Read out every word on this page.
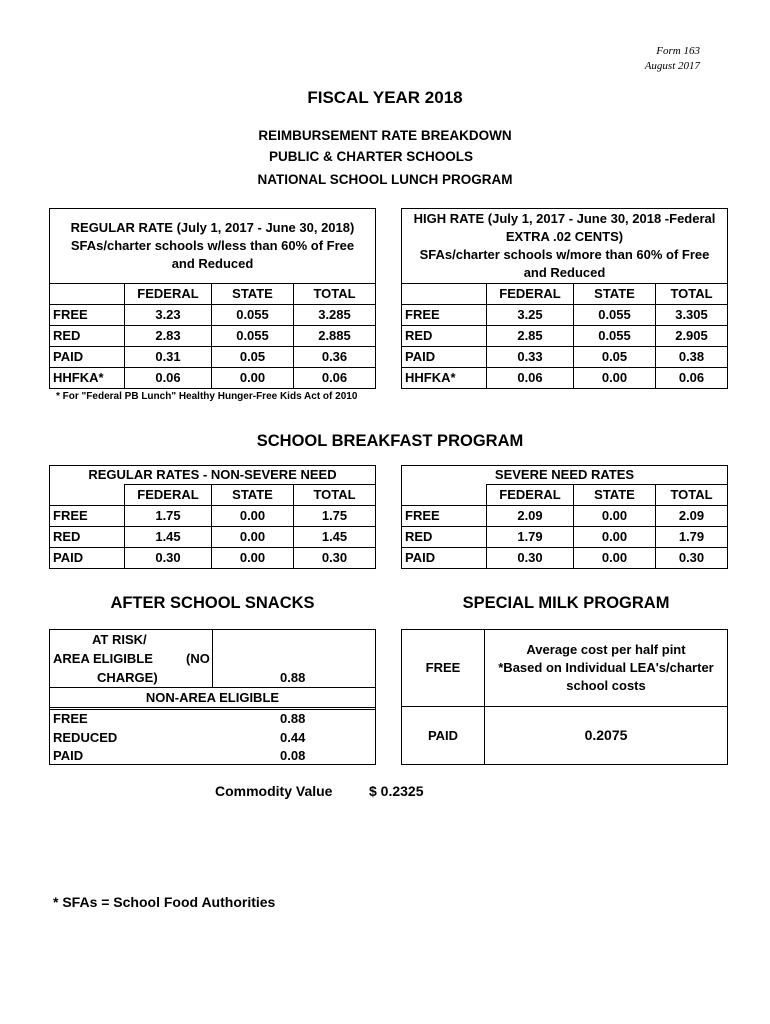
Form 163
August 2017
FISCAL YEAR 2018
REIMBURSEMENT RATE BREAKDOWN
PUBLIC & CHARTER SCHOOLS
NATIONAL SCHOOL LUNCH PROGRAM
REGULAR RATE (July 1, 2017 - June 30, 2018)
SFAs/charter schools w/less than 60% of Free
and Reduced			

	FEDERAL	STATE	TOTAL
FREE	3.23	0.055	3.285
RED	2.83	0.055	2.885
PAID	0.31	0.05	0.36
HHFKA*	0.06	0.00	0.06
HIGH RATE (July 1, 2017 - June 30, 2018 -Federal
EXTRA .02 CENTS)
SFAs/charter schools w/more than 60% of Free
and Reduced			

	FEDERAL	STATE	TOTAL
FREE	3.25	0.055	3.305
RED	2.85	0.055	2.905
PAID	0.33	0.05	0.38
HHFKA*	0.06	0.00	0.06
* For "Federal PB Lunch" Healthy Hunger-Free Kids Act of 2010
SCHOOL BREAKFAST PROGRAM
REGULAR RATES - NON-SEVERE NEED			
	FEDERAL	STATE	TOTAL
FREE	1.75	0.00	1.75
RED	1.45	0.00	1.45
PAID	0.30	0.00	0.30
SEVERE NEED RATES			
	FEDERAL	STATE	TOTAL
FREE	2.09	0.00	2.09
RED	1.79	0.00	1.79
PAID	0.30	0.00	0.30
AFTER SCHOOL SNACKS	SPECIAL MILK PROGRAM
AT RISK/
AREA ELIGIBLE	(NO
CHARGE)	0.88
NON-AREA ELIGIBLE
FREE	0.88
REDUCED	0.44
PAID	0.08
FREE
Average cost per half pint
*Based on Individual LEA's/charter
school costs
PAID	0.2075
Commodity Value	$ 0.2325
* SFAs = School Food Authorities
